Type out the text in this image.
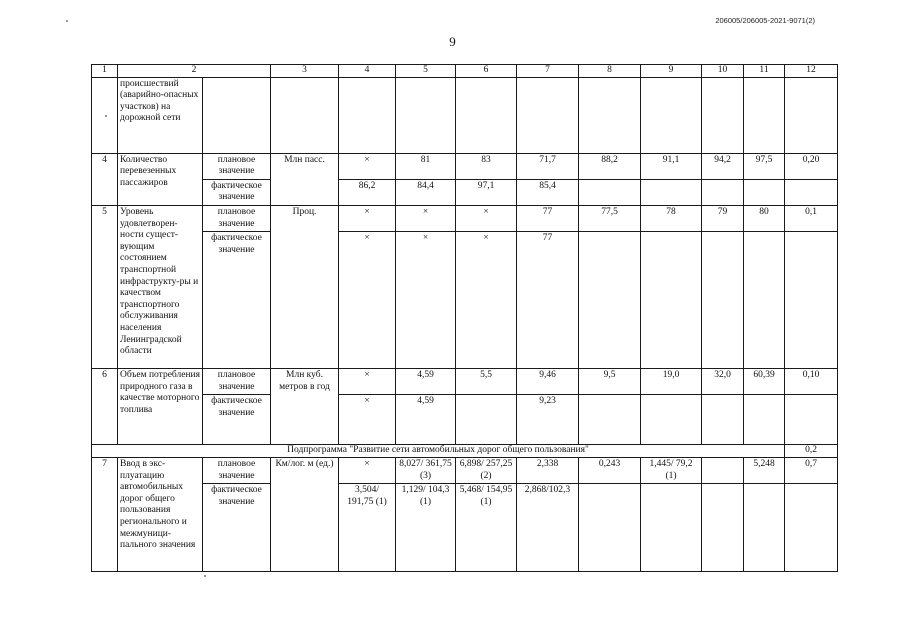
206005/206005-2021-9071(2)
9
1	2		3	4	5	6	7	8	9	10	11	12
	происшествий (аварийно-опасных участков) на дорожной сети											
4	Количество перевезенных пассажиров	плановое значение	Млн пасс.	×	81	83	71,7	88,2	91,1	94,2	97,5	0,20
		фактическое значение		86,2	84,4	97,1	85,4					
5	Уровень удовлетворен-ности сущест-вующим состоянием транспортной инфраструкту-ры и качеством транспортного обслуживания населения Ленинградской области	плановое значение	Проц.	×	×	×	77	77,5	78	79	80	0,1
		фактическое значение		×	×	×	77					
6	Объем потребления природного газа в качестве моторного топлива	плановое значение	Млн куб. метров в год	×	4,59	5,5	9,46	9,5	19,0	32,0	60,39	0,10
		фактическое значение		×	4,59		9,23					
Подпрограмма "Развитие сети автомобильных дорог общего пользования"												0,2
7	Ввод в экс-плуатацию автомобильных дорог общего пользования регионального и межмуници-пального значения	плановое значение	Км/лог. м (ед.)	×	8,027/ 361,75 (3)	6,898/ 257,25 (2)	2,338	0,243	1,445/ 79,2 (1)		5,248	0,7
		фактическое значение		3,504/ 191,75 (1)	1,129/ 104,3 (1)	5,468/ 154,95 (1)	2,868/102,3					
